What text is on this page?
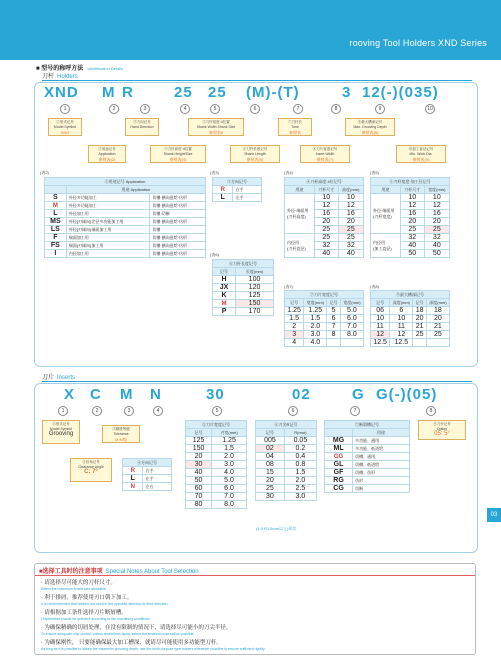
rooving Tool Holders XND Series
03
■ 型号的称呼方法 Identification Details
刀杆 Holders
XND M R	25 25 (M)-(T)	3 12(-)(035)
1	2	3	4	5	6	7	8	9	10
①形式记号
Model Symbol
XND
③方向记号
Hand Direction
⑤刀杆宽度·4位置
Shank Width Shank Size
参照表6
⑦刀杆长
Tone
参照表
⑨最大槽深记号
Max. Grooving Depth
参照表(8)
②用途记号
Application
参照表(2)
④刀杆高度·4位置
Shank Height/Size
参照表(4)
⑥刀杆长度记号
Shank Length
参照表(5)
⑧刀片宽度记号
Insert Width
参照表(7)
⑩加工直径记号
Min. Work Dia.
参照表(9)
(表2)
②用途记号 Application		
	用途 Application	
S	外径多功能加工	切槽·横向进给·仿形
M	外径多功能加工	切槽·横向进给·仿形
L	外径加工用	切槽·切断
MS	外径(刃倾向)定径多功能加工用	切槽·横向进给·仿形
LS	外径(刃倾向)端面加工用	切槽
F	端面加工用	切槽·横向进给·仿形
FS	端面(刃倾向)加工用	切槽·横向进给·仿形
I	内径加工用	切槽·横向进给·仿形
(表3)
③方向记号	
R	右手
L	左手
(表6)
⑥刀杆长度记号	
记号	长度(mm)
H	100
JX	120
K	125
M	150
P	170
(表4)
④刀杆高度·4位记号		
用途	刀杆尺寸	高度(mm)

外径·端面用
(刀杆高度)	10	10
	12	12
	16	16
	20	20
	25	25

内径用
(刀杆直径)	25	25
	32	32
	40	40
(表5)
⑤刀杆宽度·加工径记号		
用途	刀杆尺寸	宽度(mm)

外径·端面用
(刀杆宽度)	10	10
	12	12
	16	16
	20	20
	25	25

内径用
(加工直径)	32	32
	40	40
	50	50
(表7)
⑦刀片宽度记号			
记号	宽度(mm)	记号	宽度(mm)
1.25	1.25	5	5.0
1.5	1.5	6	6.0
2	2.0	7	7.0
3	3.0	8	8.0
4	4.0		
(表8)
⑨最大槽深记号			
记号	深度(mm)	记号	深度(mm)
06	6	18	18
10	10	20	20
11	11	21	21
12	12	25	25
12.5	12.5		
刀片 Inserts
X C M N	30	02	G G(-)(05)
1	2	3	4	5	6	7	8
①形式记号
Model Symbol
Grooving
③精度等级
Tolerance
M M级
②后角记号
Clearance Angle
C: 7°
④方向记号	
R	右手
L	左手
N	左右
⑤刀片宽度记号	
记号	刃宽(mm)
125	1.25
150	1.5
20	2.0
30	3.0
40	4.0
50	5.0
60	6.0
70	7.0
80	8.0
⑥刀尖R记号	
记号	R(mm)
005	0.05
02	0.2
04	0.4
08	0.8
15	1.5
20	2.0
25	2.5
30	3.0
(1.0,R1.5mm以上)形状
⑦断屑槽记号	
	用途
MG	多功能、通用
ML	多功能、低进给
GG	切槽、通用
GL	切槽、低进给
GF	切槽、仿形
RG	仿形
CG	切断
⑧刀杆记号
Option
05: 5°
■选择工具时的注意事项 Special Notes About Tool Selection
· 请选择尽可能大的刀杆尺寸。
Select the maximum shank size allowable.
· 利于排屑，推荐使用刃口朝下加工。
It is recommended that holders are used in the opposite direction to feed direction.
· 请根据加工条件选择刀片断屑槽。
Chipbreaker should be selected according to the machining conditions.
· 为确保精确的切屑处理，在没有限制的情况下，请选择尽可能小的刀尖半径。
To ensure adequate chip control, unless restrictions apply, select the smallest nose radius possible.
· 为确保刚性， 只要能确保最大加工槽深，就请尽可能使用多功能型刀杆。
As long as it is possible to obtain the maximum grooving depth, use the multi purpose type holders whenever possible to ensure sufficient rigidity.
